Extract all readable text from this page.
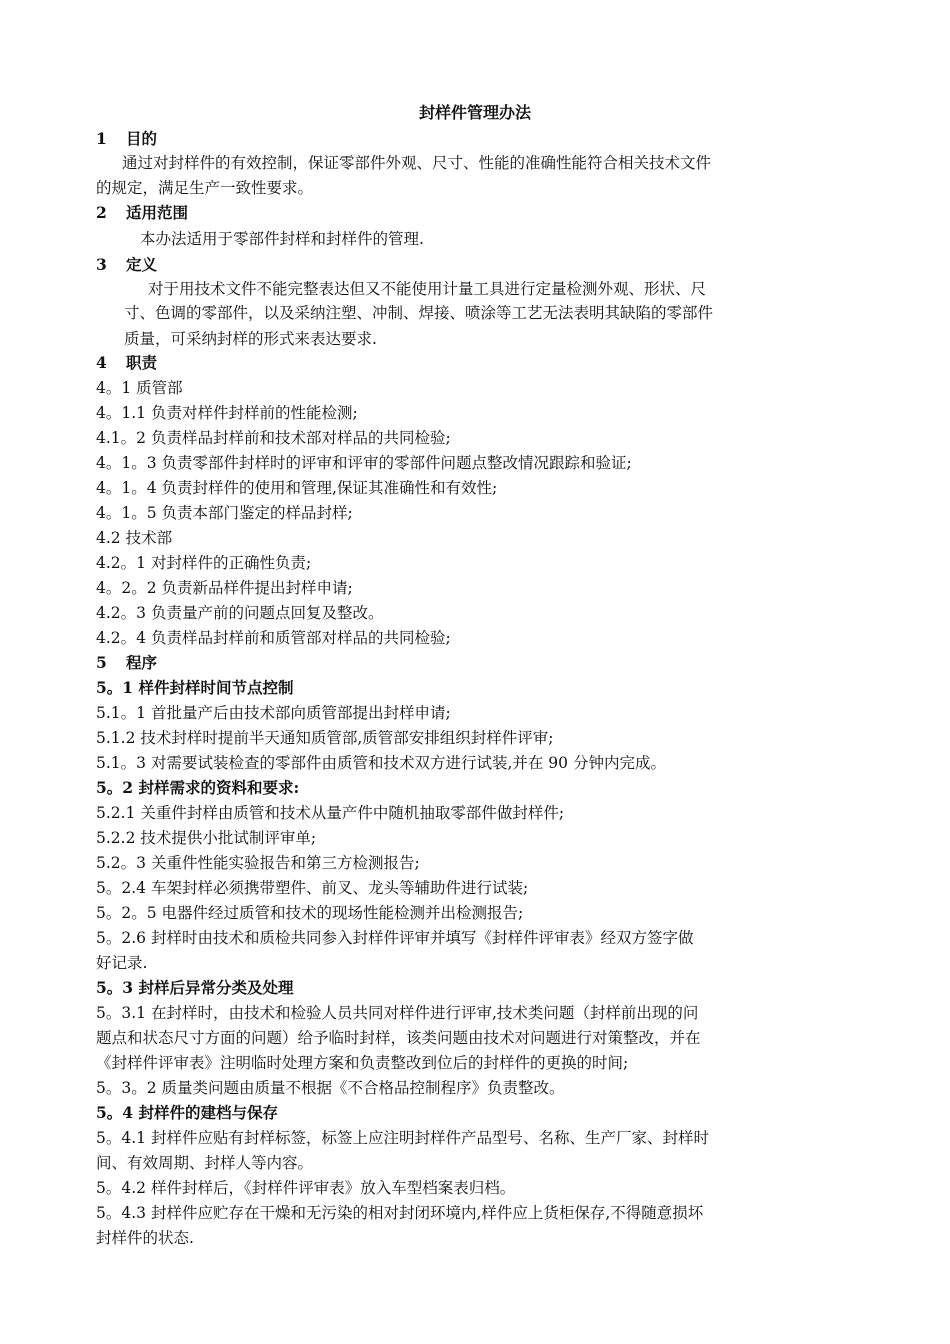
封样件管理办法
1 目的
通过对封样件的有效控制，保证零部件外观、尺寸、性能的准确性能符合相关技术文件
的规定，满足生产一致性要求。
2 适用范围
本办法适用于零部件封样和封样件的管理.
3 定义
对于用技术文件不能完整表达但又不能使用计量工具进行定量检测外观、形状、尺
寸、色调的零部件，以及采纳注塑、冲制、焊接、喷涂等工艺无法表明其缺陷的零部件
质量，可采纳封样的形式来表达要求.
4 职责
4。1 质管部
4。1.1 负责对样件封样前的性能检测;
4.1。2 负责样品封样前和技术部对样品的共同检验;
4。1。3 负责零部件封样时的评审和评审的零部件问题点整改情况跟踪和验证;
4。1。4 负责封样件的使用和管理,保证其准确性和有效性;
4。1。5 负责本部门鉴定的样品封样;
4.2 技术部
4.2。1 对封样件的正确性负责;
4。2。2 负责新品样件提出封样申请;
4.2。3 负责量产前的问题点回复及整改。
4.2。4 负责样品封样前和质管部对样品的共同检验;
5 程序
5。1 样件封样时间节点控制
5.1。1 首批量产后由技术部向质管部提出封样申请;
5.1.2 技术封样时提前半天通知质管部,质管部安排组织封样件评审;
5.1。3 对需要试装检查的零部件由质管和技术双方进行试装,并在 90 分钟内完成。
5。2 封样需求的资料和要求:
5.2.1 关重件封样由质管和技术从量产件中随机抽取零部件做封样件;
5.2.2 技术提供小批试制评审单;
5.2。3 关重件性能实验报告和第三方检测报告;
5。2.4 车架封样必须携带塑件、前叉、龙头等辅助件进行试装;
5。2。5 电器件经过质管和技术的现场性能检测并出检测报告;
5。2.6 封样时由技术和质检共同参入封样件评审并填写《封样件评审表》经双方签字做
好记录.
5。3 封样后异常分类及处理
5。3.1 在封样时，由技术和检验人员共同对样件进行评审,技术类问题（封样前出现的问
题点和状态尺寸方面的问题）给予临时封样，该类问题由技术对问题进行对策整改，并在
《封样件评审表》注明临时处理方案和负责整改到位后的封样件的更换的时间;
5。3。2 质量类问题由质量不根据《不合格品控制程序》负责整改。
5。4 封样件的建档与保存
5。4.1 封样件应贴有封样标签，标签上应注明封样件产品型号、名称、生产厂家、封样时
间、有效周期、封样人等内容。
5。4.2 样件封样后，《封样件评审表》放入车型档案表归档。
5。4.3 封样件应贮存在干燥和无污染的相对封闭环境内,样件应上货柜保存,不得随意损坏
封样件的状态.
